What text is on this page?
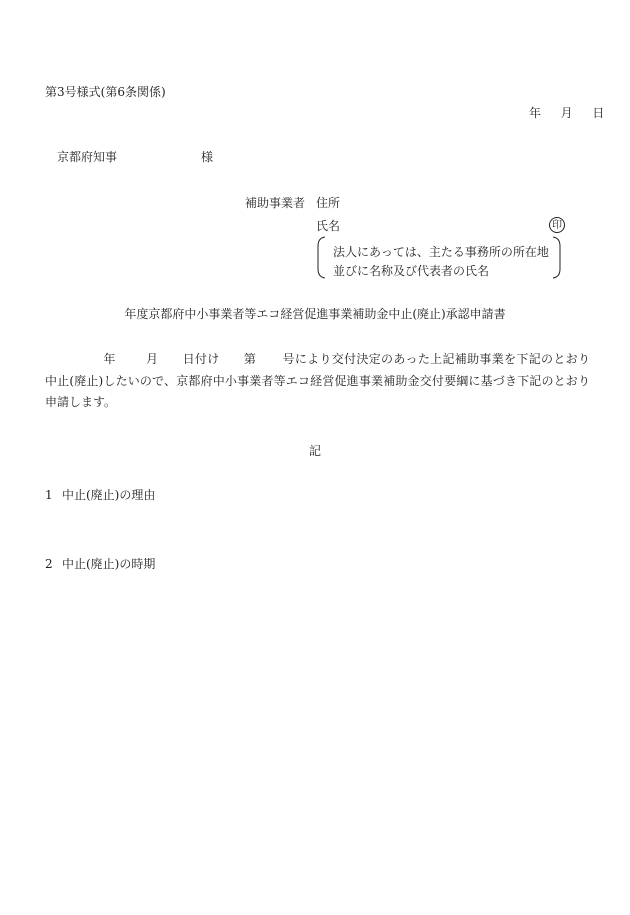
第3号様式(第6条関係)
年 月 日
京都府知事	様
補助事業者 住所
氏名	印
法人にあっては、主たる事務所の所在地
並びに名称及び代表者の氏名
年度京都府中小事業者等エコ経営促進事業補助金中止(廃止)承認申請書
年	月 日付け 第 号により交付決定のあった上記補助事業を下記のとおり中止(廃止)したいので、京都府中小事業者等エコ経営促進事業補助金交付要綱に基づき下記のとおり申請します。
記
1 中止(廃止)の理由
2 中止(廃止)の時期
